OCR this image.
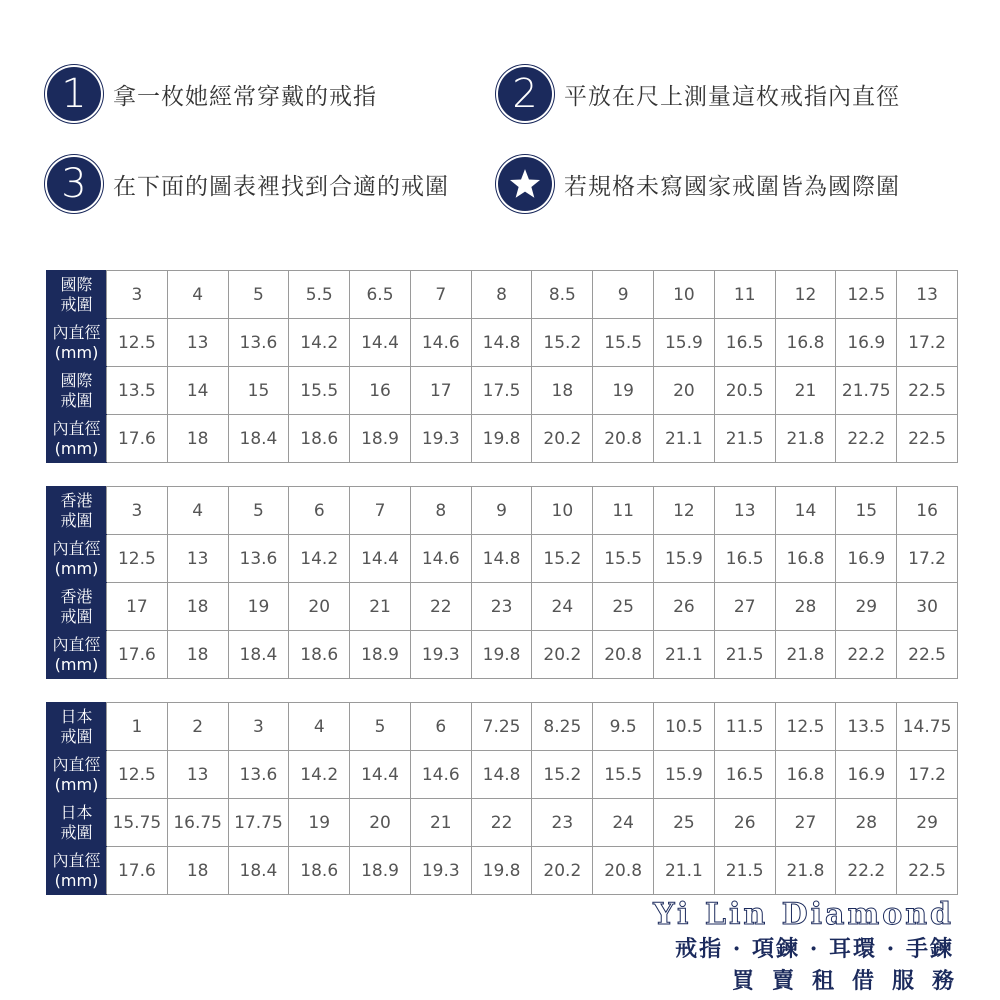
1	拿一枚她經常穿戴的戒指	2	平放在尺上測量這枚戒指內直徑
3	在下面的圖表裡找到合適的戒圍	若規格未寫國家戒圍皆為國際圍
國際
戒圍	3	4	5	5.5	6.5	7	8	8.5	9	10	11	12	12.5	13

內直徑
(mm)	12.5	13	13.6	14.2	14.4	14.6	14.8	15.2	15.5	15.9	16.5	16.8	16.9	17.2

國際
戒圍	13.5	14	15	15.5	16	17	17.5	18	19	20	20.5	21	21.75	22.5

內直徑
(mm)	17.6	18	18.4	18.6	18.9	19.3	19.8	20.2	20.8	21.1	21.5	21.8	22.2	22.5
香港
戒圍	3	4	5	6	7	8	9	10	11	12	13	14	15	16

內直徑
(mm)	12.5	13	13.6	14.2	14.4	14.6	14.8	15.2	15.5	15.9	16.5	16.8	16.9	17.2

香港
戒圍	17	18	19	20	21	22	23	24	25	26	27	28	29	30

內直徑
(mm)	17.6	18	18.4	18.6	18.9	19.3	19.8	20.2	20.8	21.1	21.5	21.8	22.2	22.5
日本
戒圍	1	2	3	4	5	6	7.25	8.25	9.5	10.5	11.5	12.5	13.5	14.75

內直徑
(mm)	12.5	13	13.6	14.2	14.4	14.6	14.8	15.2	15.5	15.9	16.5	16.8	16.9	17.2

日本
戒圍	15.75	16.75	17.75	19	20	21	22	23	24	25	26	27	28	29

內直徑
(mm)	17.6	18	18.4	18.6	18.9	19.3	19.8	20.2	20.8	21.1	21.5	21.8	22.2	22.5
Yi Lin Diamond
戒指 · 項鍊 · 耳環 · 手鍊
買賣租借服務
